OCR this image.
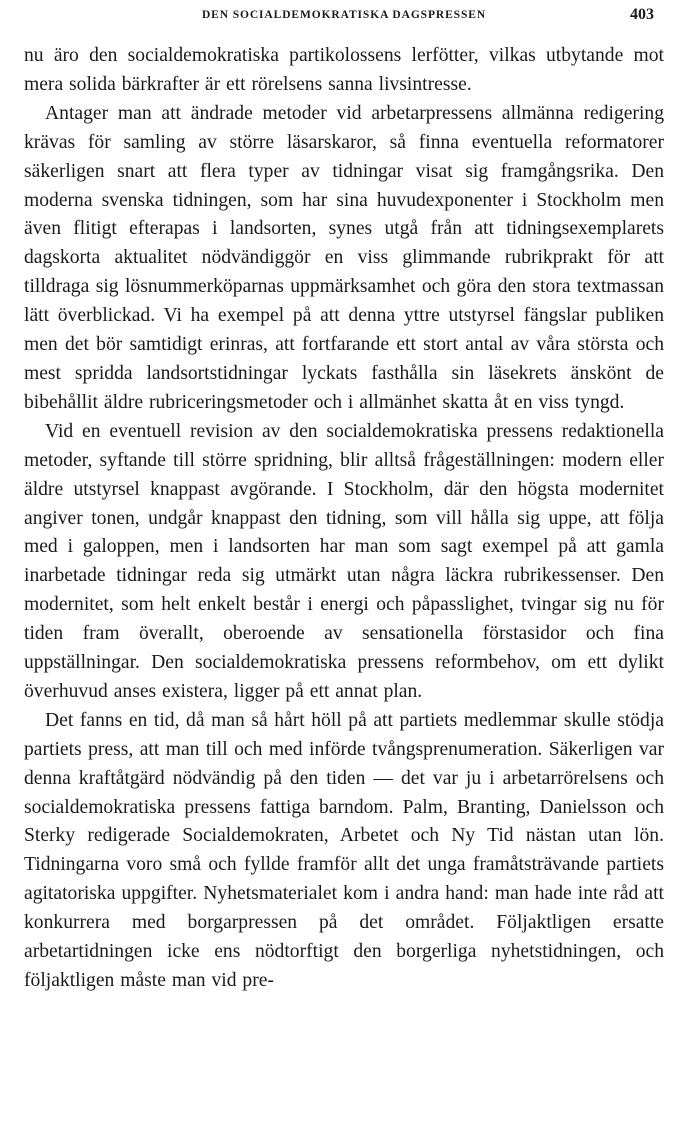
DEN SOCIALDEMOKRATISKA DAGSPRESSEN	403

nu äro den socialdemokratiska partikolossens lerfötter, vilkas utbytande mot mera solida bärkrafter är ett rörelsens sanna livsintresse.

Antager man att ändrade metoder vid arbetarpressens allmänna redigering krävas för samling av större läsarskaror, så finna eventuella reformatorer säkerligen snart att flera typer av tidningar visat sig framgångsrika. Den moderna svenska tidningen, som har sina huvudexponenter i Stockholm men även flitigt efterapas i landsorten, synes utgå från att tidningsexemplarets dagskorta aktualitet nödvändiggör en viss glimmande rubrikprakt för att tilldraga sig lösnummerköparnas uppmärksamhet och göra den stora textmassan lätt överblickad. Vi ha exempel på att denna yttre utstyrsel fängslar publiken men det bör samtidigt erinras, att fortfarande ett stort antal av våra största och mest spridda landsortstidningar lyckats fasthålla sin läsekrets änskönt de bibehållit äldre rubriceringsmetoder och i allmänhet skatta åt en viss tyngd.

Vid en eventuell revision av den socialdemokratiska pressens redaktionella metoder, syftande till större spridning, blir alltså frågeställningen: modern eller äldre utstyrsel knappast avgörande. I Stockholm, där den högsta modernitet angiver tonen, undgår knappast den tidning, som vill hålla sig uppe, att följa med i galoppen, men i landsorten har man som sagt exempel på att gamla inarbetade tidningar reda sig utmärkt utan några läckra rubrikessenser. Den modernitet, som helt enkelt består i energi och påpasslighet, tvingar sig nu för tiden fram överallt, oberoende av sensationella förstasidor och fina uppställningar. Den socialdemokratiska pressens reformbehov, om ett dylikt överhuvud anses existera, ligger på ett annat plan.

Det fanns en tid, då man så hårt höll på att partiets medlemmar skulle stödja partiets press, att man till och med införde tvångsprenumeration. Säkerligen var denna kraftåtgärd nödvändig på den tiden — det var ju i arbetarrörelsens och socialdemokratiska pressens fattiga barndom. Palm, Branting, Danielsson och Sterky redigerade Socialdemokraten, Arbetet och Ny Tid nästan utan lön. Tidningarna voro små och fyllde framför allt det unga framåtsträvande partiets agitatoriska uppgifter. Nyhetsmaterialet kom i andra hand: man hade inte råd att konkurrera med borgarpressen på det området. Följaktligen ersatte arbetartidningen icke ens nödtorftigt den borgerliga nyhetstidningen, och följaktligen måste man vid pre-
